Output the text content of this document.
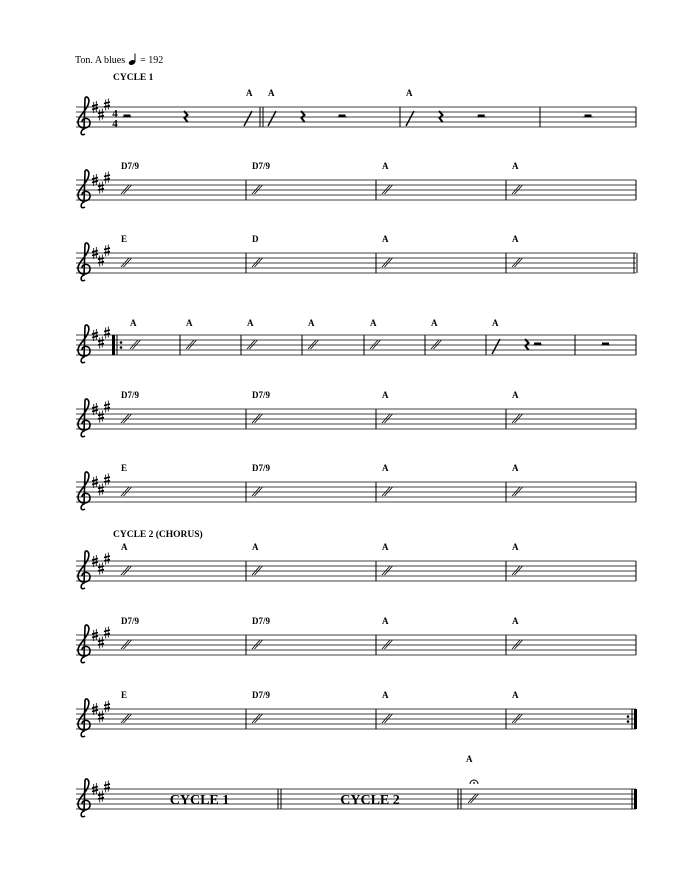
Ton. A blues = 192
4
4
CYCLE 1
A A	A
D7/9	D7/9	A	A
E	D	A	A
A	A	A	A	A	A	A
D7/9	D7/9	A	A
E	D7/9	A	A
CYCLE 2 (CHORUS)
A	A	A	A
D7/9	D7/9	A	A
E	D7/9	A	A
CYCLE 1	CYCLE 2
A
